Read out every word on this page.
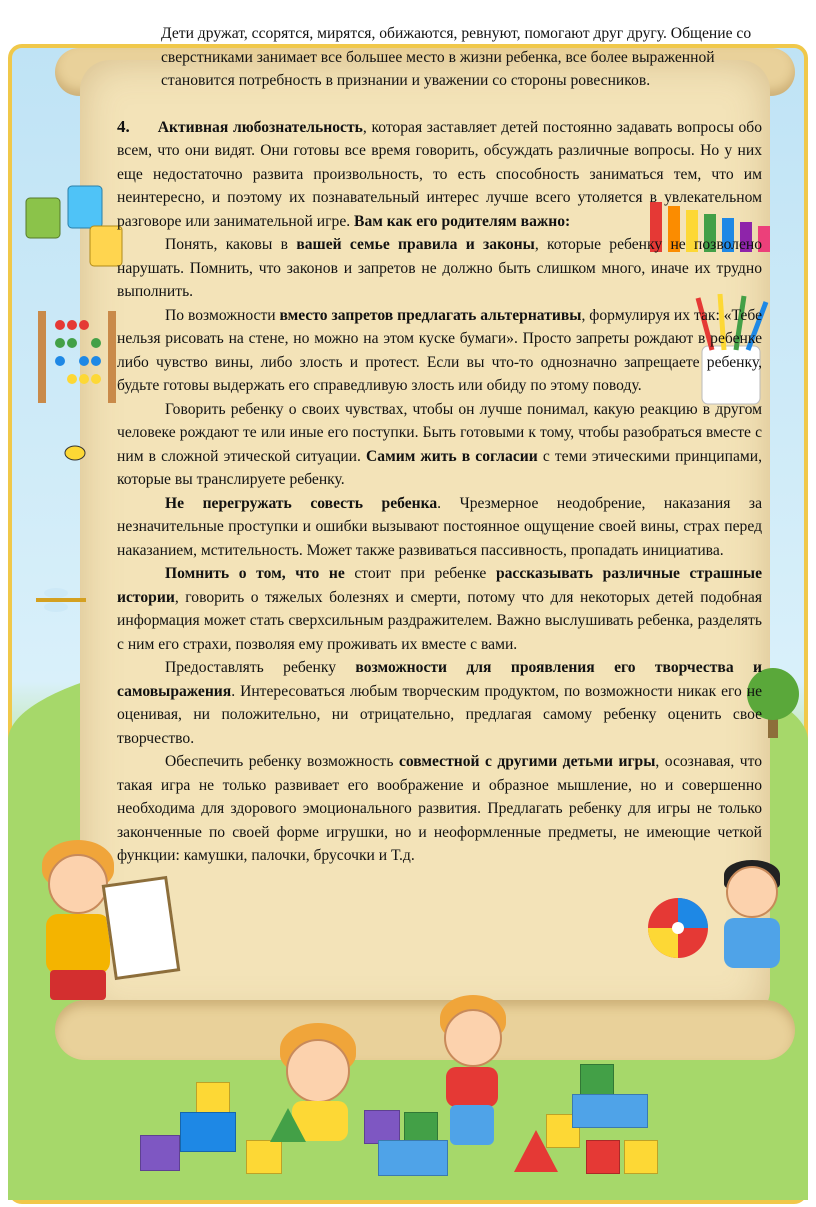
Дети дружат, ссорятся, мирятся, обижаются, ревнуют, помогают друг другу. Общение со сверстниками занимает все большее место в жизни ребенка, все более выраженной становится потребность в признании и уважении со стороны ровесников.

4. Активная любознательность, которая заставляет детей постоянно задавать вопросы обо всем, что они видят. Они готовы все время говорить, обсуждать различные вопросы. Но у них еще недостаточно развита произвольность, то есть способность заниматься тем, что им неинтересно, и поэтому их познавательный интерес лучше всего утоляется в увлекательном разговоре или занимательной игре. Вам как его родителям важно:

Понять, каковы в вашей семье правила и законы, которые ребенку не позволено нарушать. Помнить, что законов и запретов не должно быть слишком много, иначе их трудно выполнить.

По возможности вместо запретов предлагать альтернативы, формулируя их так: «Тебе нельзя рисовать на стене, но можно на этом куске бумаги». Просто запреты рождают в ребенке либо чувство вины, либо злость и протест. Если вы что-то однозначно запрещаете ребенку, будьте готовы выдержать его справедливую злость или обиду по этому поводу.

Говорить ребенку о своих чувствах, чтобы он лучше понимал, какую реакцию в другом человеке рождают те или иные его поступки. Быть готовыми к тому, чтобы разобраться вместе с ним в сложной этической ситуации. Самим жить в согласии с теми этическими принципами, которые вы транслируете ребенку.

Не перегружать совесть ребенка. Чрезмерное неодобрение, наказания за незначительные проступки и ошибки вызывают постоянное ощущение своей вины, страх перед наказанием, мстительность. Может также развиваться пассивность, пропадать инициатива.

Помнить о том, что не стоит при ребенке рассказывать различные страшные истории, говорить о тяжелых болезнях и смерти, потому что для некоторых детей подобная информация может стать сверхсильным раздражителем. Важно выслушивать ребенка, разделять с ним его страхи, позволяя ему проживать их вместе с вами.

Предоставлять ребенку возможности для проявления его творчества и самовыражения. Интересоваться любым творческим продуктом, по возможности никак его не оценивая, ни положительно, ни отрицательно, предлагая самому ребенку оценить свое творчество.

Обеспечить ребенку возможность совместной с другими детьми игры, осознавая, что такая игра не только развивает его воображение и образное мышление, но и совершенно необходима для здорового эмоционального развития. Предлагать ребенку для игры не только законченные по своей форме игрушки, но и неоформленные предметы, не имеющие четкой функции: камушки, палочки, брусочки и Т.д.
